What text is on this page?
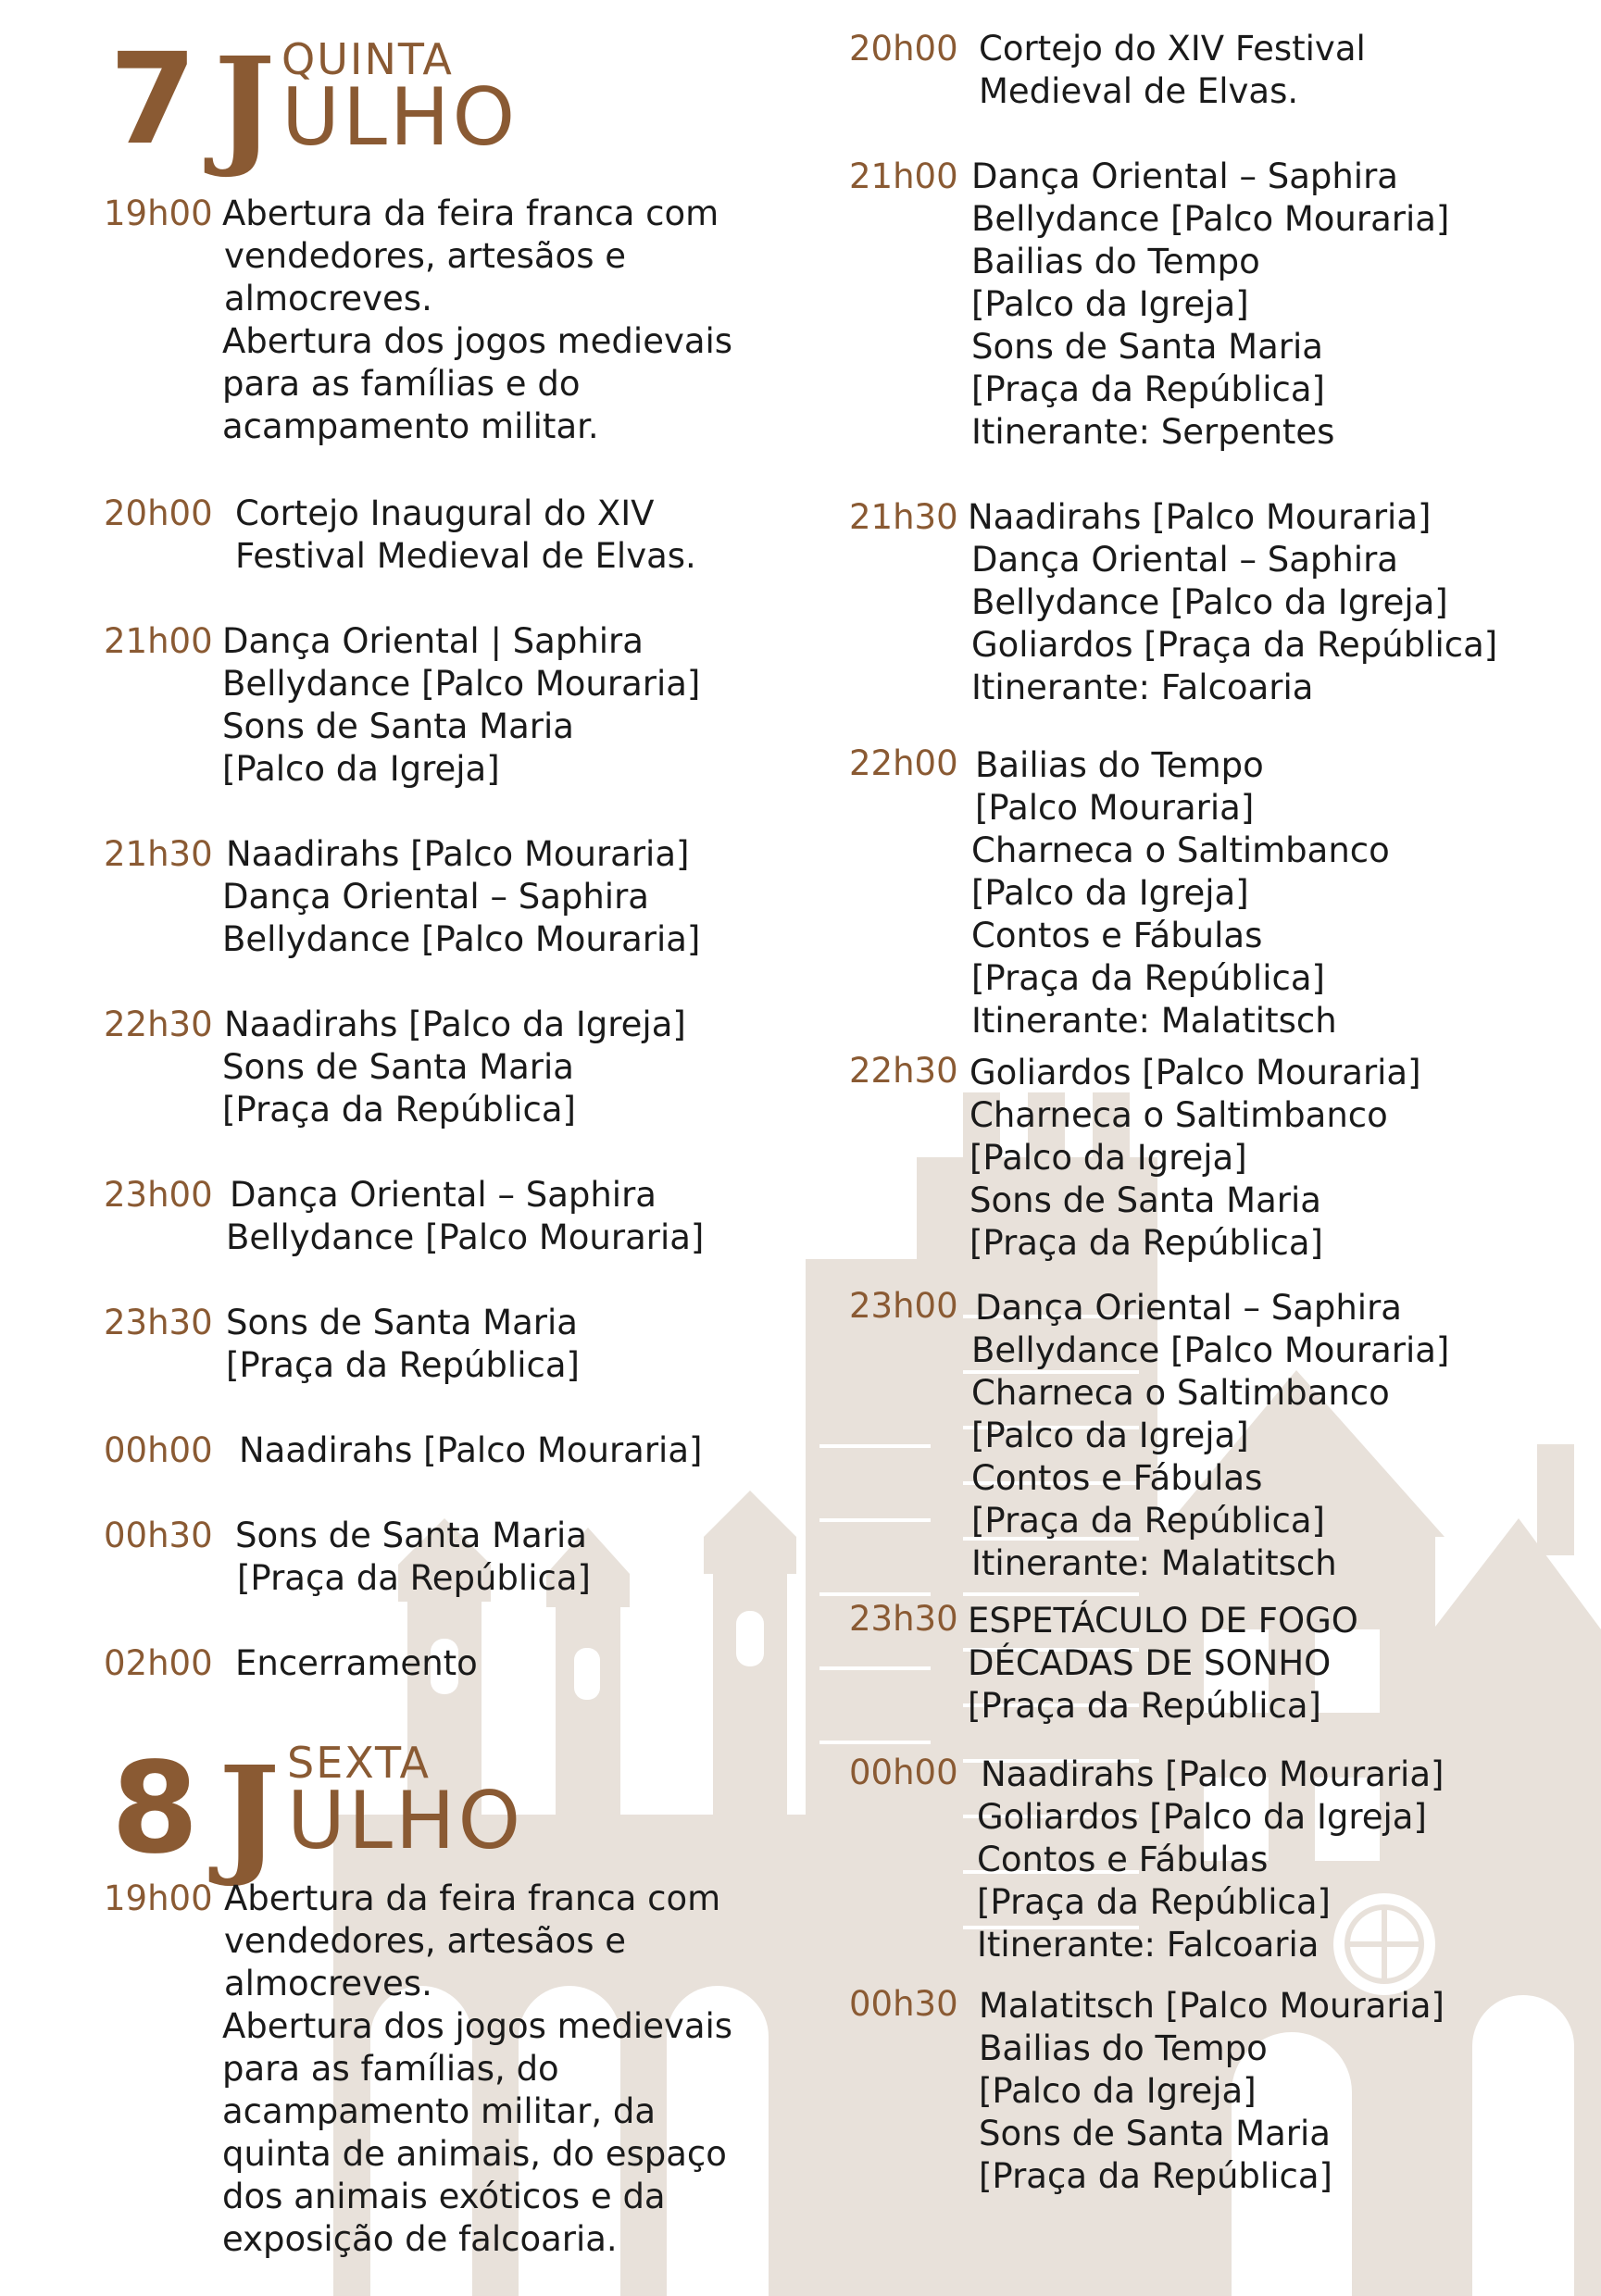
7 J QUINTA
ULHO
19h00 Abertura da feira franca com
vendedores, artesãos e
almocreves.
Abertura dos jogos medievais
para as famílias e do
acampamento militar.
20h00 Cortejo Inaugural do XIV
Festival Medieval de Elvas.
21h00 Dança Oriental | Saphira
Bellydance [Palco Mouraria]
Sons de Santa Maria
[Palco da Igreja]
21h30 Naadirahs [Palco Mouraria]
Dança Oriental – Saphira
Bellydance [Palco Mouraria]
22h30 Naadirahs [Palco da Igreja]
Sons de Santa Maria
[Praça da República]
23h00 Dança Oriental – Saphira
Bellydance [Palco Mouraria]
23h30 Sons de Santa Maria
[Praça da República]
00h00 Naadirahs [Palco Mouraria]
00h30 Sons de Santa Maria
[Praça da República]
02h00 Encerramento
8 J SEXTA
ULHO
19h00 Abertura da feira franca com
vendedores, artesãos e
almocreves.
Abertura dos jogos medievais
para as famílias, do
acampamento militar, da
quinta de animais, do espaço
dos animais exóticos e da
exposição de falcoaria.
20h00 Cortejo do XIV Festival
Medieval de Elvas.
21h00 Dança Oriental – Saphira
Bellydance [Palco Mouraria]
Bailias do Tempo
[Palco da Igreja]
Sons de Santa Maria
[Praça da República]
Itinerante: Serpentes
21h30 Naadirahs [Palco Mouraria]
Dança Oriental – Saphira
Bellydance [Palco da Igreja]
Goliardos [Praça da República]
Itinerante: Falcoaria
22h00 Bailias do Tempo
[Palco Mouraria]
Charneca o Saltimbanco
[Palco da Igreja]
Contos e Fábulas
[Praça da República]
Itinerante: Malatitsch
22h30 Goliardos [Palco Mouraria]
Charneca o Saltimbanco
[Palco da Igreja]
Sons de Santa Maria
[Praça da República]
23h00 Dança Oriental – Saphira
Bellydance [Palco Mouraria]
Charneca o Saltimbanco
[Palco da Igreja]
Contos e Fábulas
[Praça da República]
Itinerante: Malatitsch
23h30 ESPETÁCULO DE FOGO
DÉCADAS DE SONHO
[Praça da República]
00h00 Naadirahs [Palco Mouraria]
Goliardos [Palco da Igreja]
Contos e Fábulas
[Praça da República]
Itinerante: Falcoaria
00h30 Malatitsch [Palco Mouraria]
Bailias do Tempo
[Palco da Igreja]
Sons de Santa Maria
[Praça da República]
